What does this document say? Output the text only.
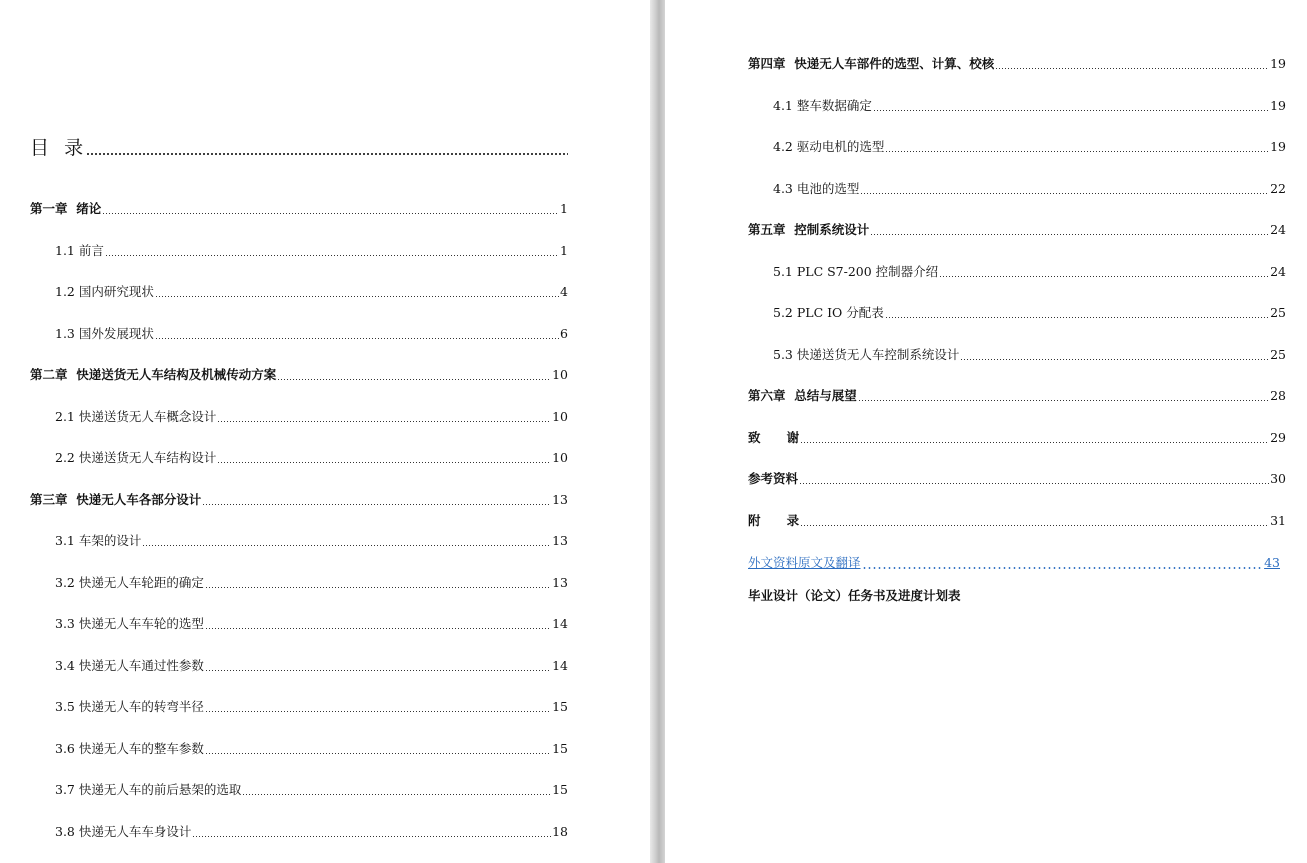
目  录
第一章  绪论	1
1.1 前言	1
1.2 国内研究现状	4
1.3 国外发展现状	6
第二章  快递送货无人车结构及机械传动方案	10
2.1 快递送货无人车概念设计	10
2.2 快递送货无人车结构设计	10
第三章  快递无人车各部分设计	13
3.1 车架的设计	13
3.2 快递无人车轮距的确定	13
3.3 快递无人车车轮的选型	14
3.4 快递无人车通过性参数	14
3.5 快递无人车的转弯半径	15
3.6 快递无人车的整车参数	15
3.7 快递无人车的前后悬架的选取	15
3.8 快递无人车车身设计	18
第四章  快递无人车部件的选型、计算、校核	19
4.1 整车数据确定	19
4.2 驱动电机的选型	19
4.3 电池的选型	22
第五章  控制系统设计	24
5.1 PLC S7-200 控制器介绍	24
5.2 PLC IO 分配表	25
5.3 快递送货无人车控制系统设计	25
第六章  总结与展望	28
致      谢	29
参考资料	30
附      录	31
外文资料原文及翻译	43
毕业设计（论文）任务书及进度计划表
